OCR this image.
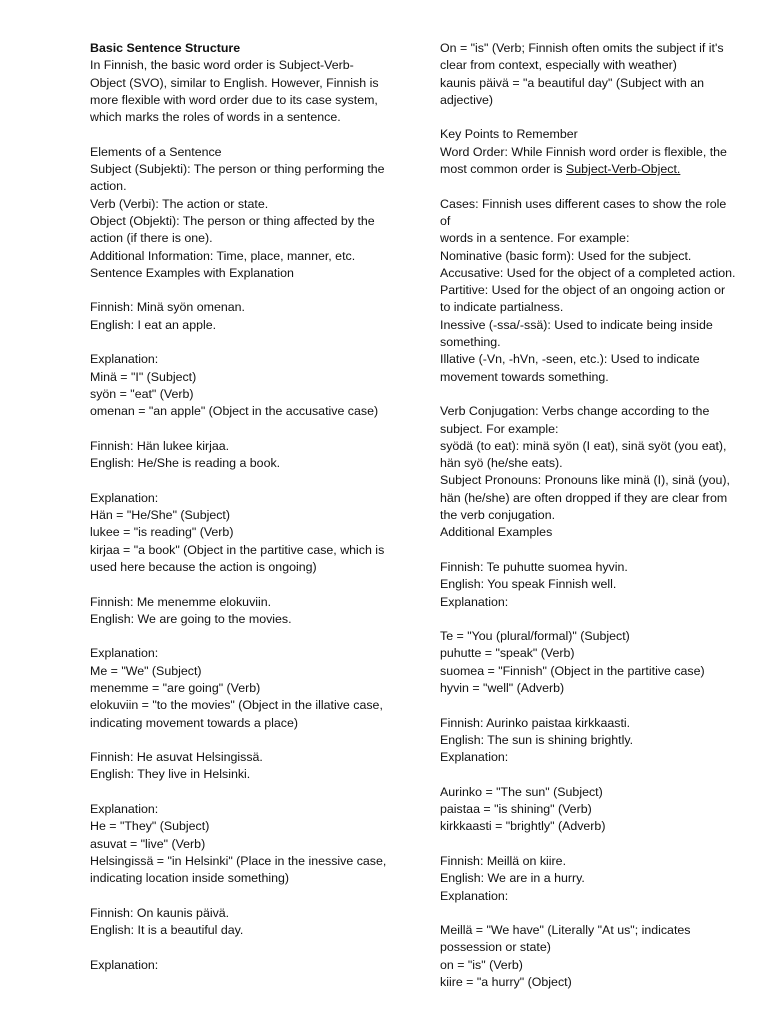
Basic Sentence Structure
In Finnish, the basic word order is Subject-Verb-
Object (SVO), similar to English. However, Finnish is
more flexible with word order due to its case system,
which marks the roles of words in a sentence.
Elements of a Sentence
Subject (Subjekti): The person or thing performing the
action.
Verb (Verbi): The action or state.
Object (Objekti): The person or thing affected by the
action (if there is one).
Additional Information: Time, place, manner, etc.
Sentence Examples with Explanation
Finnish: Minä syön omenan.
English: I eat an apple.
Explanation:
Minä = "I" (Subject)
syön = "eat" (Verb)
omenan = "an apple" (Object in the accusative case)
Finnish: Hän lukee kirjaa.
English: He/She is reading a book.
Explanation:
Hän = "He/She" (Subject)
lukee = "is reading" (Verb)
kirjaa = "a book" (Object in the partitive case, which is
used here because the action is ongoing)
Finnish: Me menemme elokuviin.
English: We are going to the movies.
Explanation:
Me = "We" (Subject)
menemme = "are going" (Verb)
elokuviin = "to the movies" (Object in the illative case,
indicating movement towards a place)
Finnish: He asuvat Helsingissä.
English: They live in Helsinki.
Explanation:
He = "They" (Subject)
asuvat = "live" (Verb)
Helsingissä = "in Helsinki" (Place in the inessive case,
indicating location inside something)
Finnish: On kaunis päivä.
English: It is a beautiful day.
Explanation:
On = "is" (Verb; Finnish often omits the subject if it's
clear from context, especially with weather)
kaunis päivä = "a beautiful day" (Subject with an
adjective)
Key Points to Remember
Word Order: While Finnish word order is flexible, the
most common order is Subject-Verb-Object.
Cases: Finnish uses different cases to show the role of
words in a sentence. For example:
Nominative (basic form): Used for the subject.
Accusative: Used for the object of a completed action.
Partitive: Used for the object of an ongoing action or
to indicate partialness.
Inessive (-ssa/-ssä): Used to indicate being inside
something.
Illative (-Vn, -hVn, -seen, etc.): Used to indicate
movement towards something.
Verb Conjugation: Verbs change according to the
subject. For example:
syödä (to eat): minä syön (I eat), sinä syöt (you eat),
hän syö (he/she eats).
Subject Pronouns: Pronouns like minä (I), sinä (you),
hän (he/she) are often dropped if they are clear from
the verb conjugation.
Additional Examples
Finnish: Te puhutte suomea hyvin.
English: You speak Finnish well.
Explanation:
Te = "You (plural/formal)" (Subject)
puhutte = "speak" (Verb)
suomea = "Finnish" (Object in the partitive case)
hyvin = "well" (Adverb)
Finnish: Aurinko paistaa kirkkaasti.
English: The sun is shining brightly.
Explanation:
Aurinko = "The sun" (Subject)
paistaa = "is shining" (Verb)
kirkkaasti = "brightly" (Adverb)
Finnish: Meillä on kiire.
English: We are in a hurry.
Explanation:
Meillä = "We have" (Literally "At us"; indicates
possession or state)
on = "is" (Verb)
kiire = "a hurry" (Object)
